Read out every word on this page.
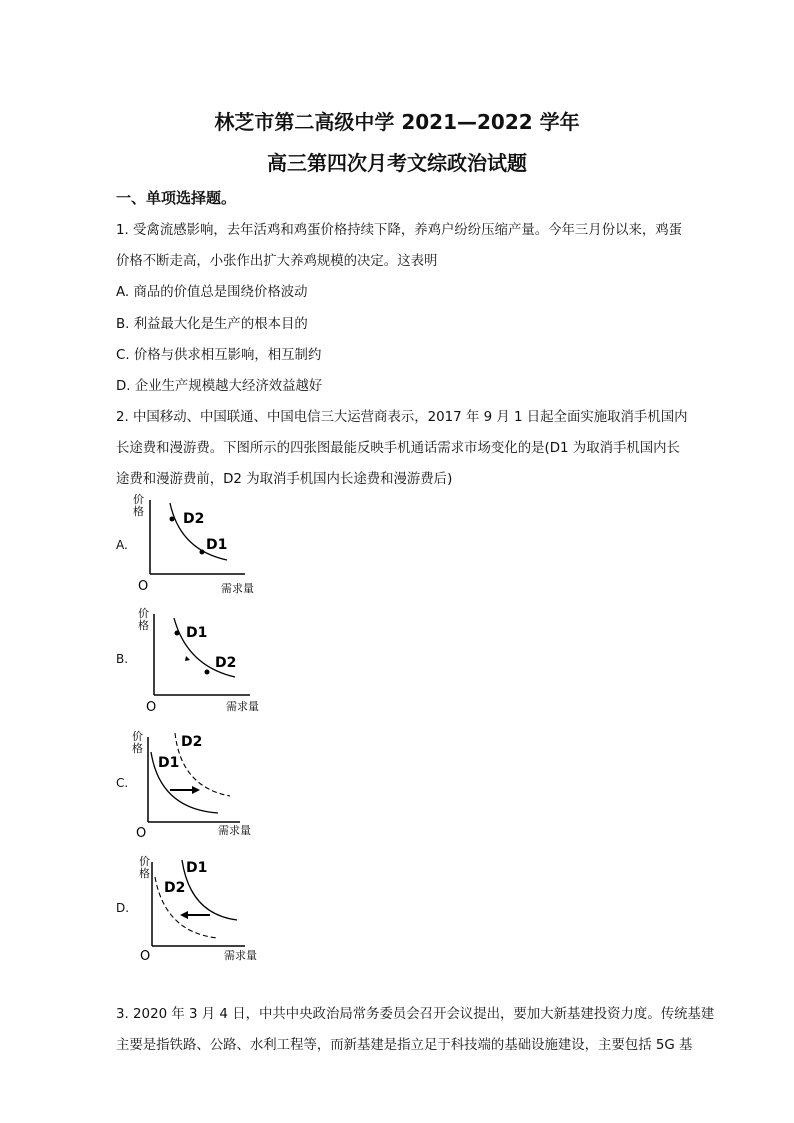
林芝市第二高级中学 2021—2022 学年
高三第四次月考文综政治试题
一、单项选择题。
1. 受禽流感影响，去年活鸡和鸡蛋价格持续下降，养鸡户纷纷压缩产量。今年三月份以来，鸡蛋
价格不断走高，小张作出扩大养鸡规模的决定。这表明
A. 商品的价值总是围绕价格波动
B. 利益最大化是生产的根本目的
C. 价格与供求相互影响，相互制约
D. 企业生产规模越大经济效益越好
2. 中国移动、中国联通、中国电信三大运营商表示，2017 年 9 月 1 日起全面实施取消手机国内
长途费和漫游费。下图所示的四张图最能反映手机通话需求市场变化的是(D1 为取消手机国内长
途费和漫游费前，D2 为取消手机国内长途费和漫游费后)
A.
价
格
O	需求量
D2
D1
B.
价
格
O	需求量
D1
D2
C.
价
格
O	需求量
D2
D1
D.
价
格
O	需求量
D1
D2
3. 2020 年 3 月 4 日，中共中央政治局常务委员会召开会议提出，要加大新基建投资力度。传统基建
主要是指铁路、公路、水利工程等，而新基建是指立足于科技端的基础设施建设，主要包括 5G 基
